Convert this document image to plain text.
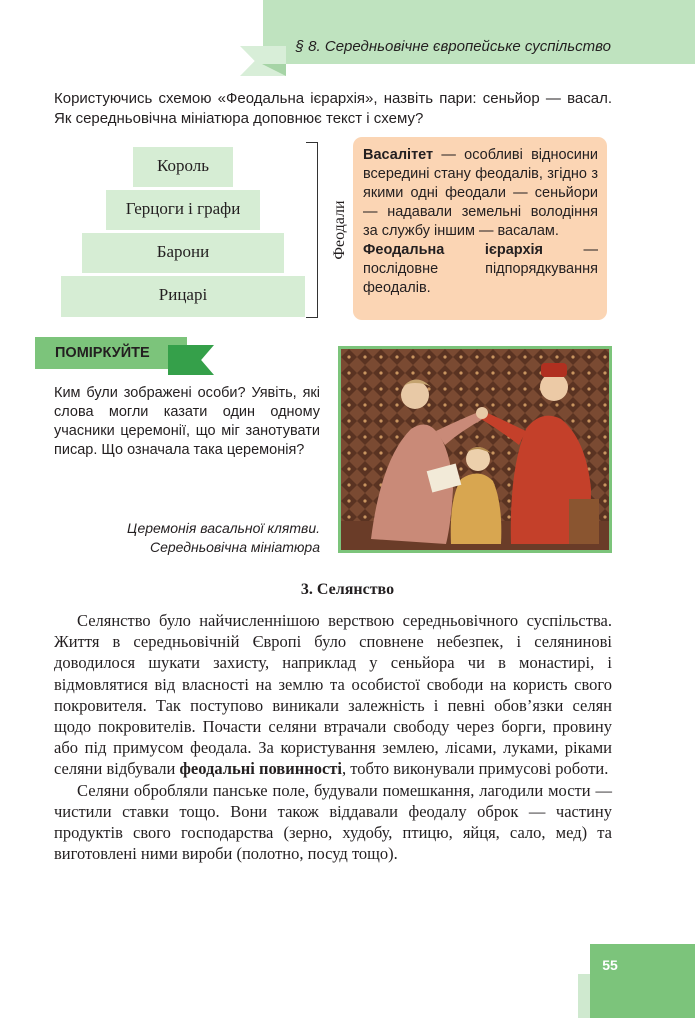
§ 8. Середньовічне європейське суспільство
Користуючись схемою «Феодальна ієрархія», назвіть пари: сеньйор — васал. Як середньовічна мініатюра доповнює текст і схему?
Король
Герцоги і графи
Барони
Рицарі
Феодали
Васалітет — особливі відносини всередині стану феодалів, згідно з якими одні феодали — сеньйори — надавали земельні володіння за службу іншим — васалам.
Феодальна ієрархія — послідовне підпорядкування феодалів.
ПОМІРКУЙТЕ
Ким були зображені особи? Уявіть, які слова могли казати один одному учасники церемонії, що міг занотувати писар. Що означала така церемонія?
Церемонія васальної клятви.
Середньовічна мініатюра
3. Селянство

Селянство було найчисленнішою верствою середньовічного суспільства. Життя в середньовічній Європі було сповнене небезпек, і селянинові доводилося шукати захисту, наприклад у сеньйора чи в монастирі, і відмовлятися від власності на землю та особистої свободи на користь свого покровителя. Так поступово виникали залежність і певні обов’язки селян щодо покровителів. Почасти селяни втрачали свободу через борги, провину або під примусом феодала. За користування землею, лісами, луками, ріками селяни відбували феодальні повинності, тобто виконували примусові роботи.

Селяни обробляли панське поле, будували помешкання, лагодили мости — чистили ставки тощо. Вони також віддавали феодалу оброк — частину продуктів свого господарства (зерно, худобу, птицю, яйця, сало, мед) та виготовлені ними вироби (полотно, посуд тощо).

55
